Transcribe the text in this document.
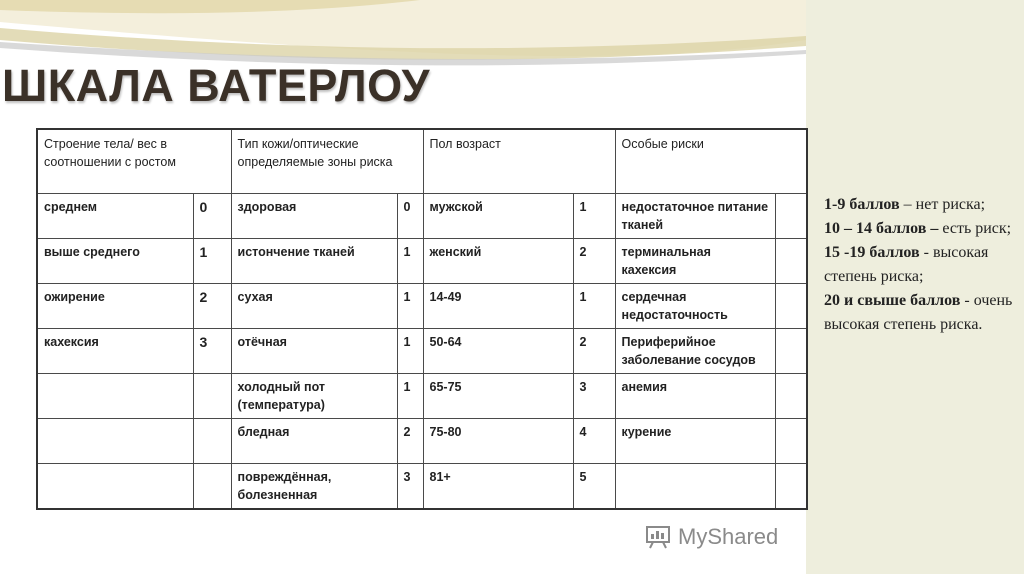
ШКАЛА ВАТЕРЛОУ
Строение тела/ вес в соотношении с ростом		Тип кожи/оптические определяемые зоны риска		Пол возраст		Особые риски	
среднем	0	здоровая	0	мужской	1	недостаточное питание тканей	
выше среднего	1	истончение тканей	1	женский	2	терминальная кахексия	
ожирение	2	сухая	1	14-49	1	сердечная недостаточность	
кахексия	3	отёчная	1	50-64	2	Периферийное заболевание сосудов	
		холодный пот (температура)	1	65-75	3	анемия	
		бледная	2	75-80	4	курение	
		повреждённая, болезненная	3	81+	5		

1-9 баллов – нет риска;

10 – 14 баллов – есть риск;

15 -19 баллов - высокая степень риска;

20 и свыше баллов - очень высокая степень риска.

MyShared
